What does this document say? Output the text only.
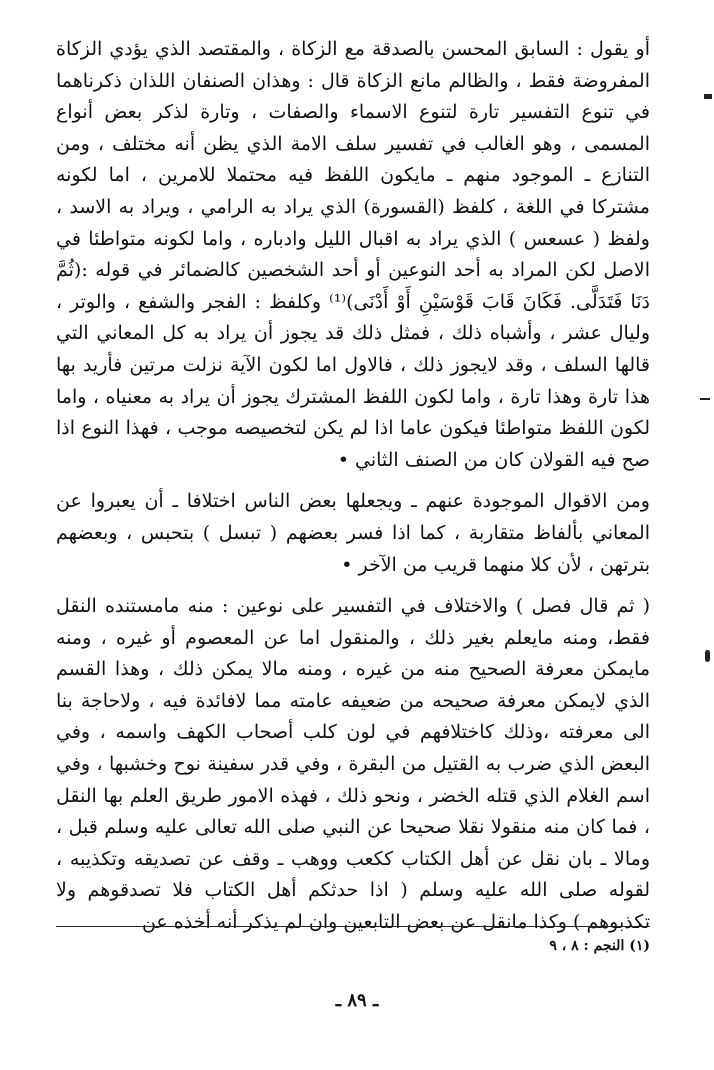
أو يقول : السابق المحسن بالصدقة مع الزكاة ، والمقتصد الذي يؤدي الزكاة المفروضة فقط ، والظالم مانع الزكاة قال : وهذان الصنفان اللذان ذكرناهما في تنوع التفسير تارة لتنوع الاسماء والصفات ، وتارة لذكر بعض أنواع المسمى ، وهو الغالب في تفسير سلف الامة الذي يظن أنه مختلف ، ومن التنازع ـ الموجود منهم ـ مايكون اللفظ فيه محتملا للامرين ، اما لكونه مشتركا في اللغة ، كلفظ (القسورة) الذي يراد به الرامي ، ويراد به الاسد ، ولفظ ( عسعس ) الذي يراد به اقبال الليل وادباره ، واما لكونه متواطئا في الاصل لكن المراد به أحد النوعين أو أحد الشخصين كالضمائر في قوله :(ثُمَّ دَنَا فَتَدَلَّى. فَكَانَ قَابَ قَوْسَيْنِ أَوْ أَدْنَى)⁽¹⁾ وكلفظ : الفجر والشفع ، والوتر ، وليال عشر ، وأشباه ذلك ، فمثل ذلك قد يجوز أن يراد به كل المعاني التي قالها السلف ، وقد لايجوز ذلك ، فالاول اما لكون الآية نزلت مرتين فأريد بها هذا تارة وهذا تارة ، واما لكون اللفظ المشترك يجوز أن يراد به معنياه ، واما لكون اللفظ متواطئا فيكون عاما اذا لم يكن لتخصيصه موجب ، فهذا النوع اذا صح فيه القولان كان من الصنف الثاني •

ومن الاقوال الموجودة عنهم ـ ويجعلها بعض الناس اختلافا ـ أن يعبروا عن المعاني بألفاظ متقاربة ، كما اذا فسر بعضهم ( تبسل ) بتحبس ، وبعضهم بترتهن ، لأن كلا منهما قريب من الآخر •

( ثم قال فصل ) والاختلاف في التفسير على نوعين : منه مامستنده النقل فقط، ومنه مايعلم بغير ذلك ، والمنقول اما عن المعصوم أو غيره ، ومنه مايمكن معرفة الصحيح منه من غيره ، ومنه مالا يمكن ذلك ، وهذا القسم الذي لايمكن معرفة صحيحه من ضعيفه عامته مما لافائدة فيه ، ولاحاجة بنا الى معرفته ،وذلك كاختلافهم في لون كلب أصحاب الكهف واسمه ، وفي البعض الذي ضرب به القتيل من البقرة ، وفي قدر سفينة نوح وخشبها ، وفي اسم الغلام الذي قتله الخضر ، ونحو ذلك ، فهذه الامور طريق العلم بها النقل ، فما كان منه منقولا نقلا صحيحا عن النبي صلى الله تعالى عليه وسلم قبل ، ومالا ـ بان نقل عن أهل الكتاب ككعب ووهب ـ وقف عن تصديقه وتكذيبه ، لقوله صلى الله عليه وسلم ( اذا حدثكم أهل الكتاب فلا تصدقوهم ولا تكذبوهم ) وكذا مانقل عن بعض التابعين وان لم يذكر أنه أخذه عن

(١) النجم : ٨ ، ٩
ـ ٨٩ ـ
